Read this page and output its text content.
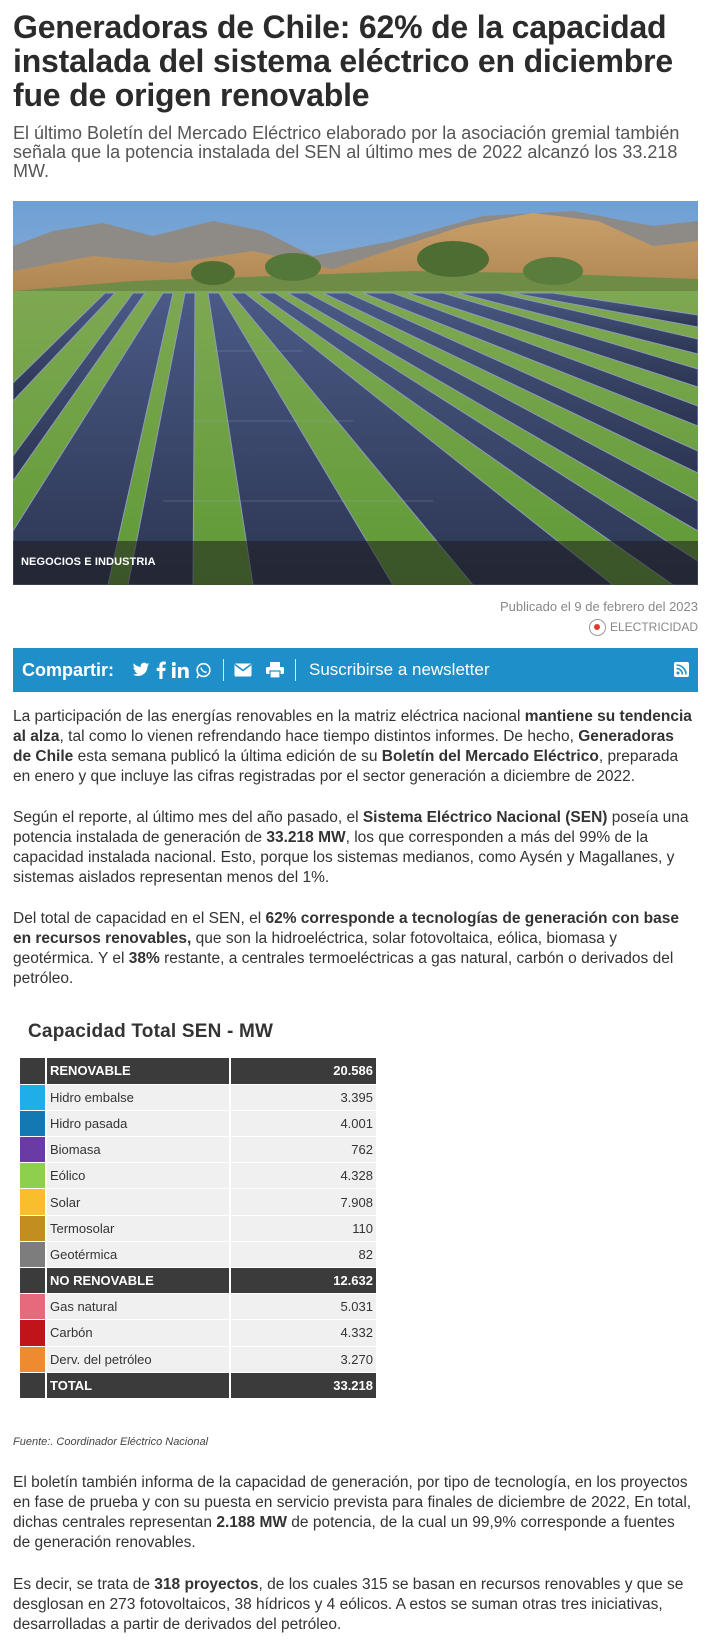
Generadoras de Chile: 62% de la capacidad instalada del sistema eléctrico en diciembre fue de origen renovable
El último Boletín del Mercado Eléctrico elaborado por la asociación gremial también señala que la potencia instalada del SEN al último mes de 2022 alcanzó los 33.218 MW.
NEGOCIOS E INDUSTRIA
Publicado el 9 de febrero del 2023
ELECTRICIDAD
Compartir:	Suscribirse a newsletter

La participación de las energías renovables en la matriz eléctrica nacional mantiene su tendencia al alza, tal como lo vienen refrendando hace tiempo distintos informes. De hecho, Generadoras de Chile esta semana publicó la última edición de su Boletín del Mercado Eléctrico, preparada en enero y que incluye las cifras registradas por el sector generación a diciembre de 2022.

Según el reporte, al último mes del año pasado, el Sistema Eléctrico Nacional (SEN) poseía una potencia instalada de generación de 33.218 MW, los que corresponden a más del 99% de la capacidad instalada nacional. Esto, porque los sistemas medianos, como Aysén y Magallanes, y sistemas aislados representan menos del 1%.

Del total de capacidad en el SEN, el 62% corresponde a tecnologías de generación con base en recursos renovables, que son la hidroeléctrica, solar fotovoltaica, eólica, biomasa y geotérmica. Y el 38% restante, a centrales termoeléctricas a gas natural, carbón o derivados del petróleo.

Capacidad Total SEN - MW
	RENOVABLE	20.586
	Hidro embalse	3.395
	Hidro pasada	4.001
	Biomasa	762
	Eólico	4.328
	Solar	7.908
	Termosolar	110
	Geotérmica	82
	NO RENOVABLE	12.632
	Gas natural	5.031
	Carbón	4.332
	Derv. del petróleo	3.270
	TOTAL	33.218
Fuente:. Coordinador Eléctrico Nacional

El boletín también informa de la capacidad de generación, por tipo de tecnología, en los proyectos en fase de prueba y con su puesta en servicio prevista para finales de diciembre de 2022, En total, dichas centrales representan 2.188 MW de potencia, de la cual un 99,9% corresponde a fuentes de generación renovables.

Es decir, se trata de 318 proyectos, de los cuales 315 se basan en recursos renovables y que se desglosan en 273 fotovoltaicos, 38 hídricos y 4 eólicos. A estos se suman otras tres iniciativas, desarrolladas a partir de derivados del petróleo.
